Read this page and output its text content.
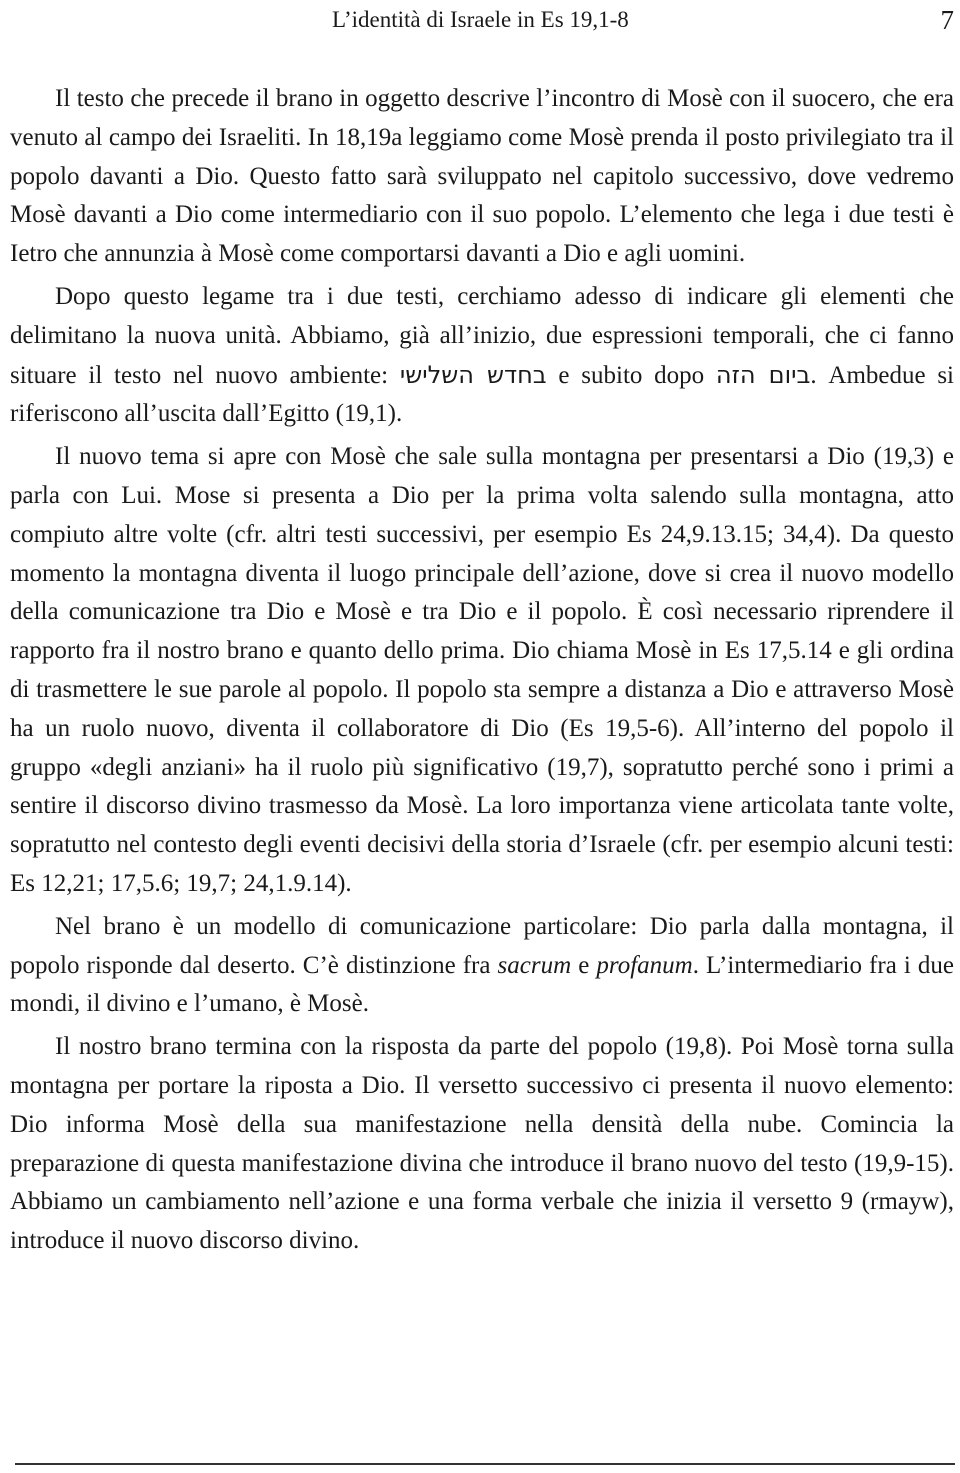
L’identità di Israele in Es 19,1-8	7

Il testo che precede il brano in oggetto descrive l’incontro di Mosè con il suocero, che era venuto al campo dei Israeliti. In 18,19a leggiamo come Mosè prenda il posto privilegiato tra il popolo davanti a Dio. Questo fatto sarà sviluppato nel capitolo successivo, dove vedremo Mosè davanti a Dio come intermediario con il suo popolo. L’elemento che lega i due testi è Ietro che annunzia à Mosè come comportarsi davanti a Dio e agli uomini.

Dopo questo legame tra i due testi, cerchiamo adesso di indicare gli elementi che delimitano la nuova unità. Abbiamo, già all’inizio, due espressioni temporali, che ci fanno situare il testo nel nuovo ambiente: בחדש השלישי e subito dopo ביום הזה. Ambedue si riferiscono all’uscita dall’Egitto (19,1).

Il nuovo tema si apre con Mosè che sale sulla montagna per presentarsi a Dio (19,3) e parla con Lui. Mose si presenta a Dio per la prima volta salendo sulla montagna, atto compiuto altre volte (cfr. altri testi successivi, per esempio Es 24,9.13.15; 34,4). Da questo momento la montagna diventa il luogo principale dell’azione, dove si crea il nuovo modello della comunicazione tra Dio e Mosè e tra Dio e il popolo. È così necessario riprendere il rapporto fra il nostro brano e quanto dello prima. Dio chiama Mosè in Es 17,5.14 e gli ordina di trasmettere le sue parole al popolo. Il popolo sta sempre a distanza a Dio e attraverso Mosè ha un ruolo nuovo, diventa il collaboratore di Dio (Es 19,5-6). All’interno del popolo il gruppo «degli anziani» ha il ruolo più significativo (19,7), sopratutto perché sono i primi a sentire il discorso divino trasmesso da Mosè. La loro importanza viene articolata tante volte, sopratutto nel contesto degli eventi decisivi della storia d’Israele (cfr. per esempio alcuni testi: Es 12,21; 17,5.6; 19,7; 24,1.9.14).

Nel brano è un modello di comunicazione particolare: Dio parla dalla montagna, il popolo risponde dal deserto. C’è distinzione fra sacrum e profanum. L’intermediario fra i due mondi, il divino e l’umano, è Mosè.

Il nostro brano termina con la risposta da parte del popolo (19,8). Poi Mosè torna sulla montagna per portare la riposta a Dio. Il versetto successivo ci presenta il nuovo elemento: Dio informa Mosè della sua manifestazione nella densità della nube. Comincia la preparazione di questa manifestazione divina che introduce il brano nuovo del testo (19,9-15). Abbiamo un cambiamento nell’azione e una forma verbale che inizia il versetto 9 (rmayw), introduce il nuovo discorso divino.
